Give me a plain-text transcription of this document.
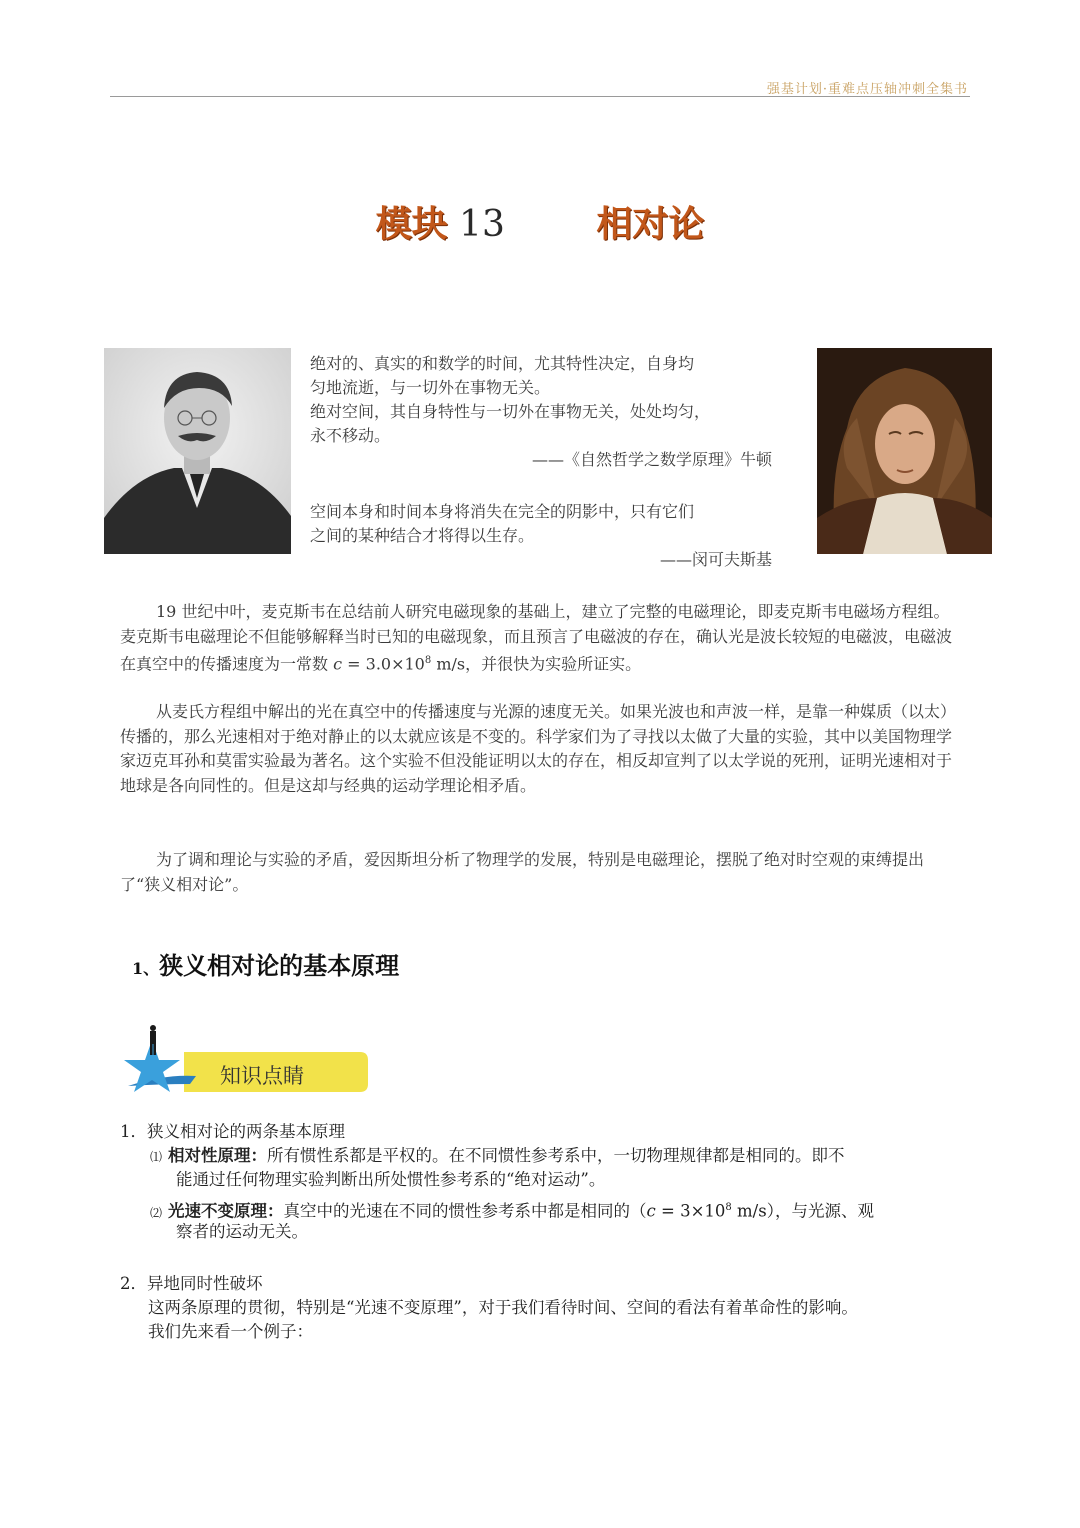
强基计划·重难点压轴冲刺全集书
模块 13	相对论

绝对的、真实的和数学的时间，尤其特性决定，自身均

匀地流逝，与一切外在事物无关。

绝对空间，其自身特性与一切外在事物无关，处处均匀，

永不移动。

——《自然哲学之数学原理》牛顿

空间本身和时间本身将消失在完全的阴影中，只有它们

之间的某种结合才将得以生存。

——闵可夫斯基

19 世纪中叶，麦克斯韦在总结前人研究电磁现象的基础上，建立了完整的电磁理论，即麦克斯韦电磁场方程组。麦克斯韦电磁理论不但能够解释当时已知的电磁现象，而且预言了电磁波的存在，确认光是波长较短的电磁波，电磁波在真空中的传播速度为一常数 $c = 3.0\times 10^8$ m/s，并很快为实验所证实。

从麦氏方程组中解出的光在真空中的传播速度与光源的速度无关。如果光波也和声波一样，是靠一种媒质（以太）传播的，那么光速相对于绝对静止的以太就应该是不变的。科学家们为了寻找以太做了大量的实验，其中以美国物理学家迈克耳孙和莫雷实验最为著名。这个实验不但没能证明以太的存在，相反却宣判了以太学说的死刑，证明光速相对于地球是各向同性的。但是这却与经典的运动学理论相矛盾。

为了调和理论与实验的矛盾，爱因斯坦分析了物理学的发展，特别是电磁理论，摆脱了绝对时空观的束缚提出了“狭义相对论”。

1、狭义相对论的基本原理
知识点睛
1．狭义相对论的两条基本原理
⑴ 相对性原理：所有惯性系都是平权的。在不同惯性参考系中，一切物理规律都是相同的。即不
能通过任何物理实验判断出所处惯性参考系的“绝对运动”。
⑵ 光速不变原理：真空中的光速在不同的惯性参考系中都是相同的（$c = 3\times 10^8$ m/s），与光源、观
察者的运动无关。
2．异地同时性破坏
这两条原理的贯彻，特别是“光速不变原理”，对于我们看待时间、空间的看法有着革命性的影响。
我们先来看一个例子：
